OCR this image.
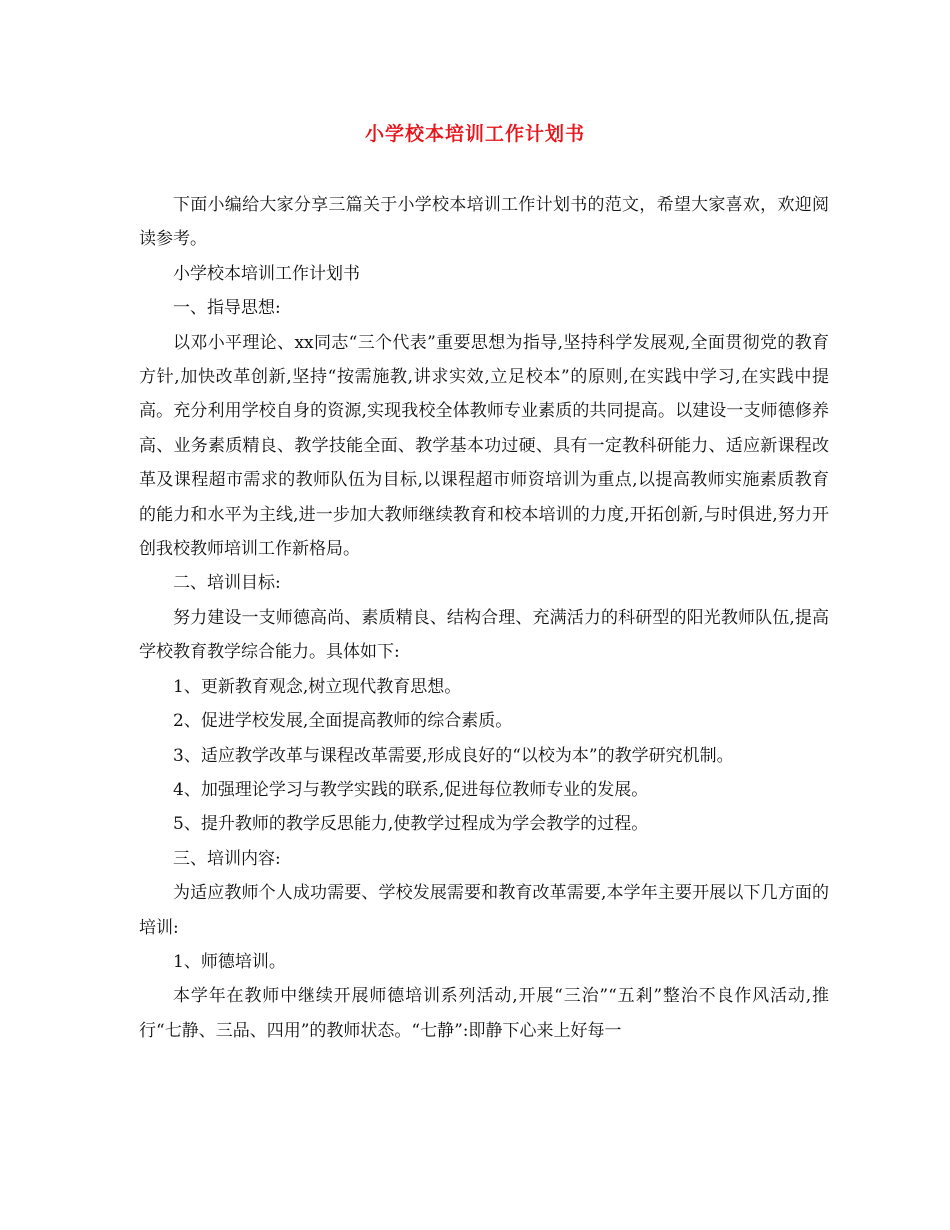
小学校本培训工作计划书

下面小编给大家分享三篇关于小学校本培训工作计划书的范文，希望大家喜欢，欢迎阅读参考。

小学校本培训工作计划书

一、指导思想:

以邓小平理论、xx同志“三个代表”重要思想为指导,坚持科学发展观,全面贯彻党的教育方针,加快改革创新,坚持“按需施教,讲求实效,立足校本”的原则,在实践中学习,在实践中提高。充分利用学校自身的资源,实现我校全体教师专业素质的共同提高。以建设一支师德修养高、业务素质精良、教学技能全面、教学基本功过硬、具有一定教科研能力、适应新课程改革及课程超市需求的教师队伍为目标,以课程超市师资培训为重点,以提高教师实施素质教育的能力和水平为主线,进一步加大教师继续教育和校本培训的力度,开拓创新,与时俱进,努力开创我校教师培训工作新格局。

二、培训目标:

努力建设一支师德高尚、素质精良、结构合理、充满活力的科研型的阳光教师队伍,提高学校教育教学综合能力。具体如下:

1、更新教育观念,树立现代教育思想。

2、促进学校发展,全面提高教师的综合素质。

3、适应教学改革与课程改革需要,形成良好的“以校为本”的教学研究机制。

4、加强理论学习与教学实践的联系,促进每位教师专业的发展。

5、提升教师的教学反思能力,使教学过程成为学会教学的过程。

三、培训内容:

为适应教师个人成功需要、学校发展需要和教育改革需要,本学年主要开展以下几方面的培训:

1、师德培训。

本学年在教师中继续开展师德培训系列活动,开展“三治”“五剎”整治不良作风活动,推行“七静、三品、四用”的教师状态。“七静”:即静下心来上好每一
